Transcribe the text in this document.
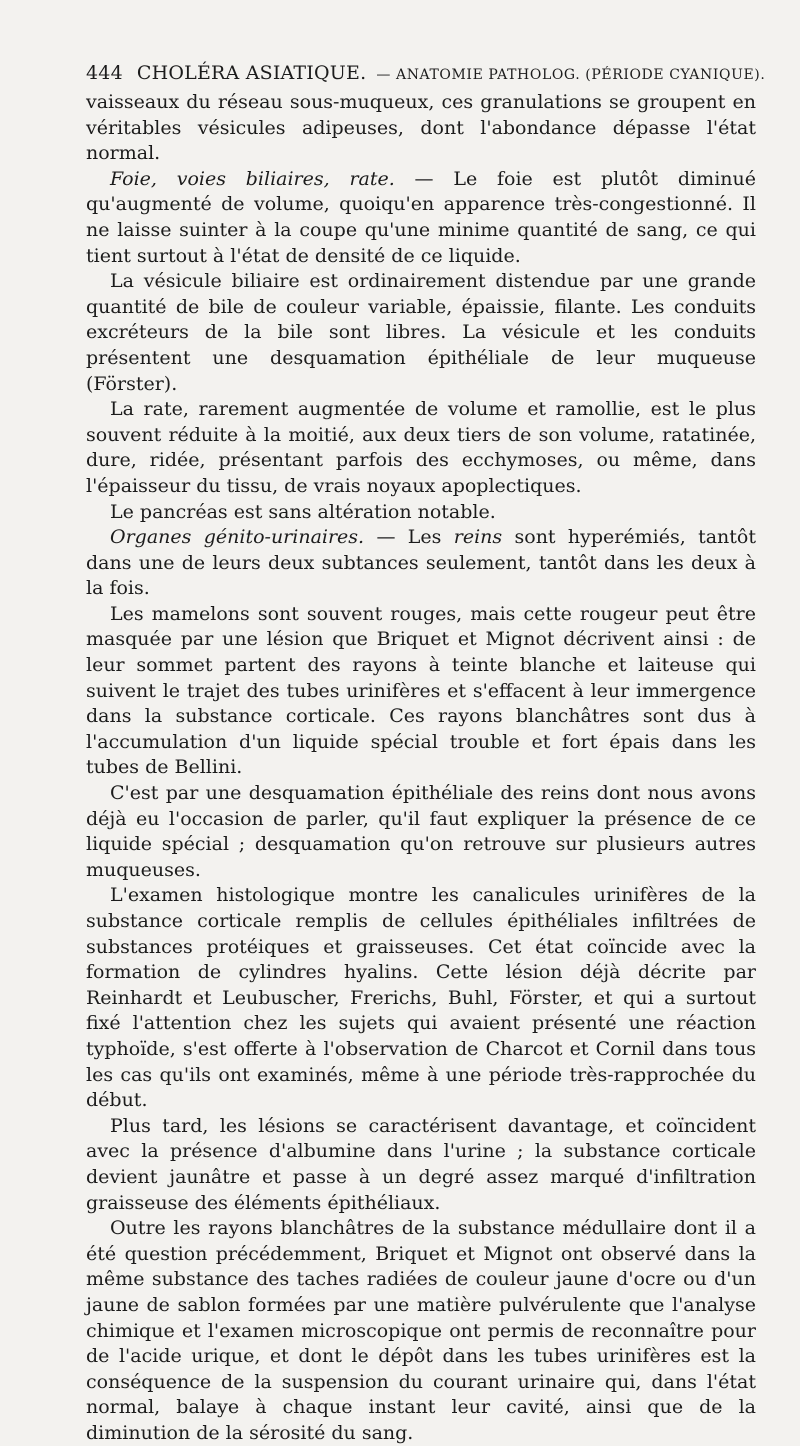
444 CHOLÉRA ASIATIQUE. — ANATOMIE PATHOLOG. (PÉRIODE CYANIQUE).

vaisseaux du réseau sous-muqueux, ces granulations se groupent en véritables vésicules adipeuses, dont l'abondance dépasse l'état normal.

Foie, voies biliaires, rate. — Le foie est plutôt diminué qu'augmenté de volume, quoiqu'en apparence très-congestionné. Il ne laisse suinter à la coupe qu'une minime quantité de sang, ce qui tient surtout à l'état de densité de ce liquide.

La vésicule biliaire est ordinairement distendue par une grande quantité de bile de couleur variable, épaissie, filante. Les conduits excréteurs de la bile sont libres. La vésicule et les conduits présentent une desquamation épithéliale de leur muqueuse (Förster).

La rate, rarement augmentée de volume et ramollie, est le plus souvent réduite à la moitié, aux deux tiers de son volume, ratatinée, dure, ridée, présentant parfois des ecchymoses, ou même, dans l'épaisseur du tissu, de vrais noyaux apoplectiques.

Le pancréas est sans altération notable.

Organes génito-urinaires. — Les reins sont hyperémiés, tantôt dans une de leurs deux subtances seulement, tantôt dans les deux à la fois.

Les mamelons sont souvent rouges, mais cette rougeur peut être masquée par une lésion que Briquet et Mignot décrivent ainsi : de leur sommet partent des rayons à teinte blanche et laiteuse qui suivent le trajet des tubes urinifères et s'effacent à leur immergence dans la substance corticale. Ces rayons blanchâtres sont dus à l'accumulation d'un liquide spécial trouble et fort épais dans les tubes de Bellini.

C'est par une desquamation épithéliale des reins dont nous avons déjà eu l'occasion de parler, qu'il faut expliquer la présence de ce liquide spécial ; desquamation qu'on retrouve sur plusieurs autres muqueuses.

L'examen histologique montre les canalicules urinifères de la substance corticale remplis de cellules épithéliales infiltrées de substances protéiques et graisseuses. Cet état coïncide avec la formation de cylindres hyalins. Cette lésion déjà décrite par Reinhardt et Leubuscher, Frerichs, Buhl, Förster, et qui a surtout fixé l'attention chez les sujets qui avaient présenté une réaction typhoïde, s'est offerte à l'observation de Charcot et Cornil dans tous les cas qu'ils ont examinés, même à une période très-rapprochée du début.

Plus tard, les lésions se caractérisent davantage, et coïncident avec la présence d'albumine dans l'urine ; la substance corticale devient jaunâtre et passe à un degré assez marqué d'infiltration graisseuse des éléments épithéliaux.

Outre les rayons blanchâtres de la substance médullaire dont il a été question précédemment, Briquet et Mignot ont observé dans la même substance des taches radiées de couleur jaune d'ocre ou d'un jaune de sablon formées par une matière pulvérulente que l'analyse chimique et l'examen microscopique ont permis de reconnaître pour de l'acide urique, et dont le dépôt dans les tubes urinifères est la conséquence de la suspension du courant urinaire qui, dans l'état normal, balaye à chaque instant leur cavité, ainsi que de la diminution de la sérosité du sang.
